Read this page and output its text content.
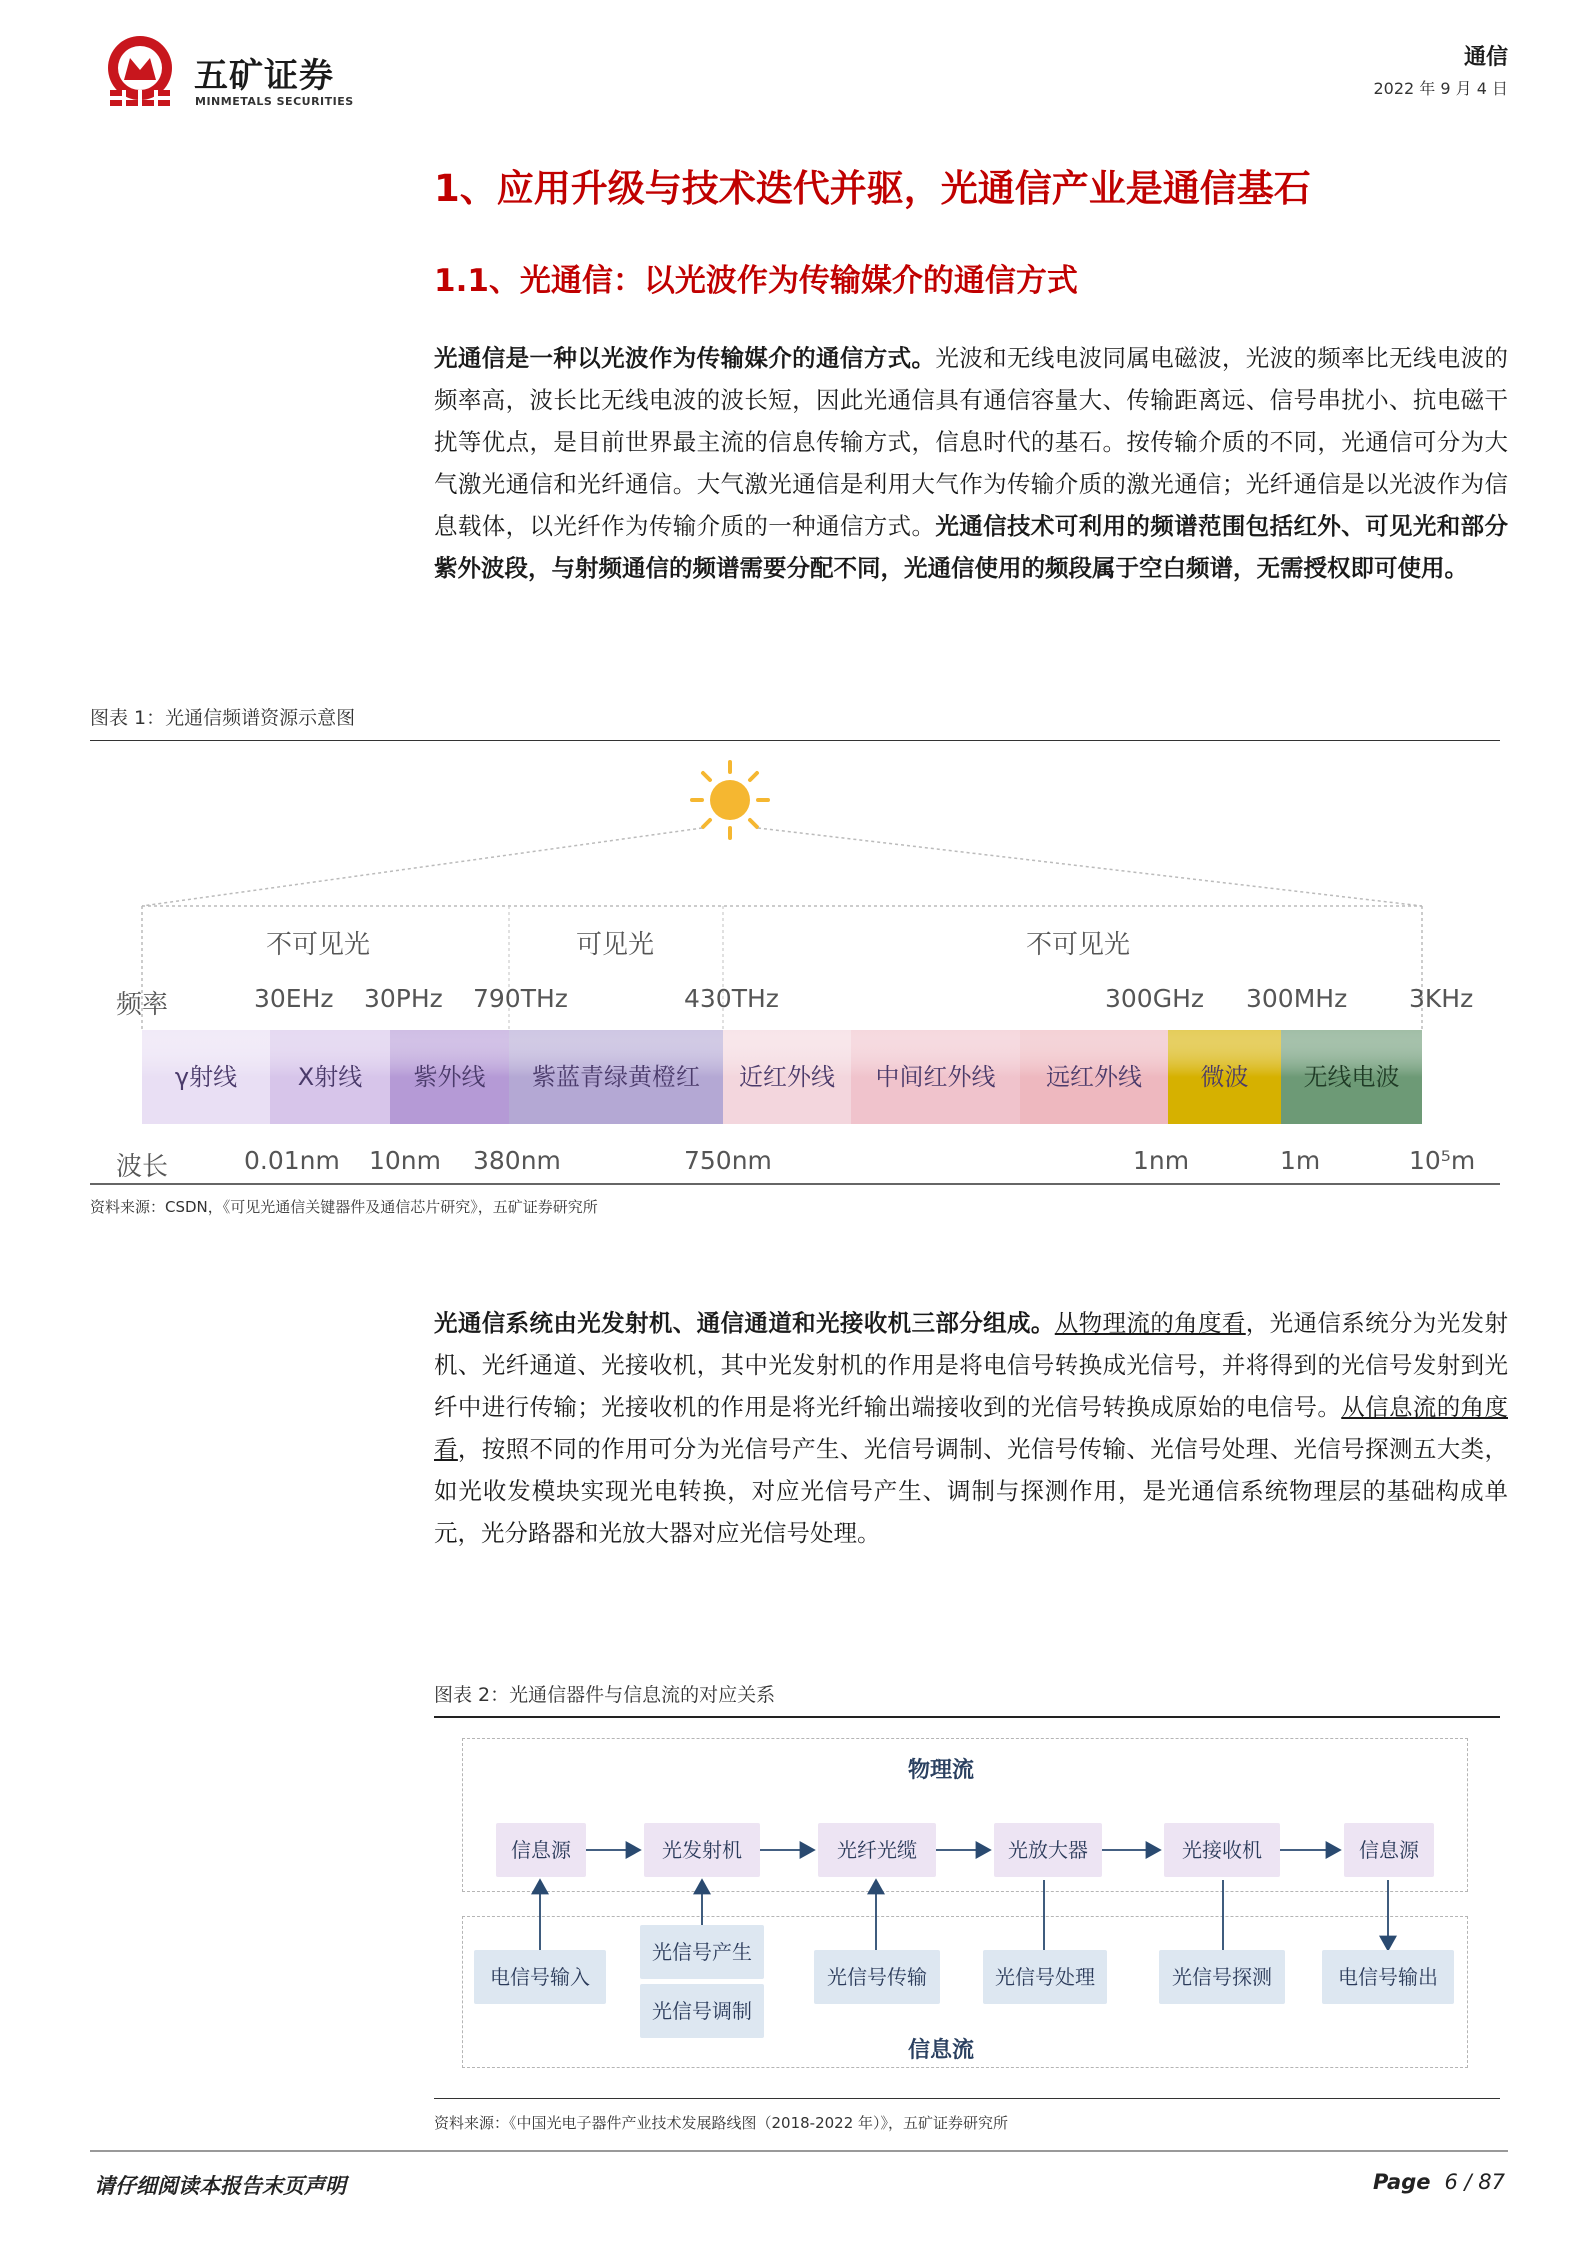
五矿证券
MINMETALS SECURITIES
通信
2022 年 9 月 4 日
1、应用升级与技术迭代并驱，光通信产业是通信基石
1.1、光通信：以光波作为传输媒介的通信方式
光通信是一种以光波作为传输媒介的通信方式。光波和无线电波同属电磁波，光波的频率比无线电波的频率高，波长比无线电波的波长短，因此光通信具有通信容量大、传输距离远、信号串扰小、抗电磁干扰等优点，是目前世界最主流的信息传输方式，信息时代的基石。按传输介质的不同，光通信可分为大气激光通信和光纤通信。大气激光通信是利用大气作为传输介质的激光通信；光纤通信是以光波作为信息载体，以光纤作为传输介质的一种通信方式。光通信技术可利用的频谱范围包括红外、可见光和部分紫外波段，与射频通信的频谱需要分配不同，光通信使用的频段属于空白频谱，无需授权即可使用。
图表 1：光通信频谱资源示意图
不可见光	可见光	不可见光
频率	30EHz 30PHz 790THz	430THz	300GHz 300MHz 3KHz
γ射线	X射线	紫外线	紫蓝青绿黄橙红	近红外线	中间红外线	远红外线	微波	无线电波
波长	0.01nm 10nm 380nm	750nm	1nm	1m	10⁵m
资料来源：CSDN，《可见光通信关键器件及通信芯片研究》，五矿证券研究所
光通信系统由光发射机、通信通道和光接收机三部分组成。从物理流的角度看，光通信系统分为光发射机、光纤通道、光接收机，其中光发射机的作用是将电信号转换成光信号，并将得到的光信号发射到光纤中进行传输；光接收机的作用是将光纤输出端接收到的光信号转换成原始的电信号。从信息流的角度看，按照不同的作用可分为光信号产生、光信号调制、光信号传输、光信号处理、光信号探测五大类，如光收发模块实现光电转换，对应光信号产生、调制与探测作用，是光通信系统物理层的基础构成单元，光分路器和光放大器对应光信号处理。
图表 2：光通信器件与信息流的对应关系
物理流
信息流
信息源	光发射机	光纤光缆	光放大器	光接收机	信息源
电信号输入
光信号产生
光信号调制
光信号传输	光信号处理	光信号探测	电信号输出
资料来源：《中国光电子器件产业技术发展路线图（2018-2022 年）》，五矿证券研究所
请仔细阅读本报告末页声明	Page 6 / 87
